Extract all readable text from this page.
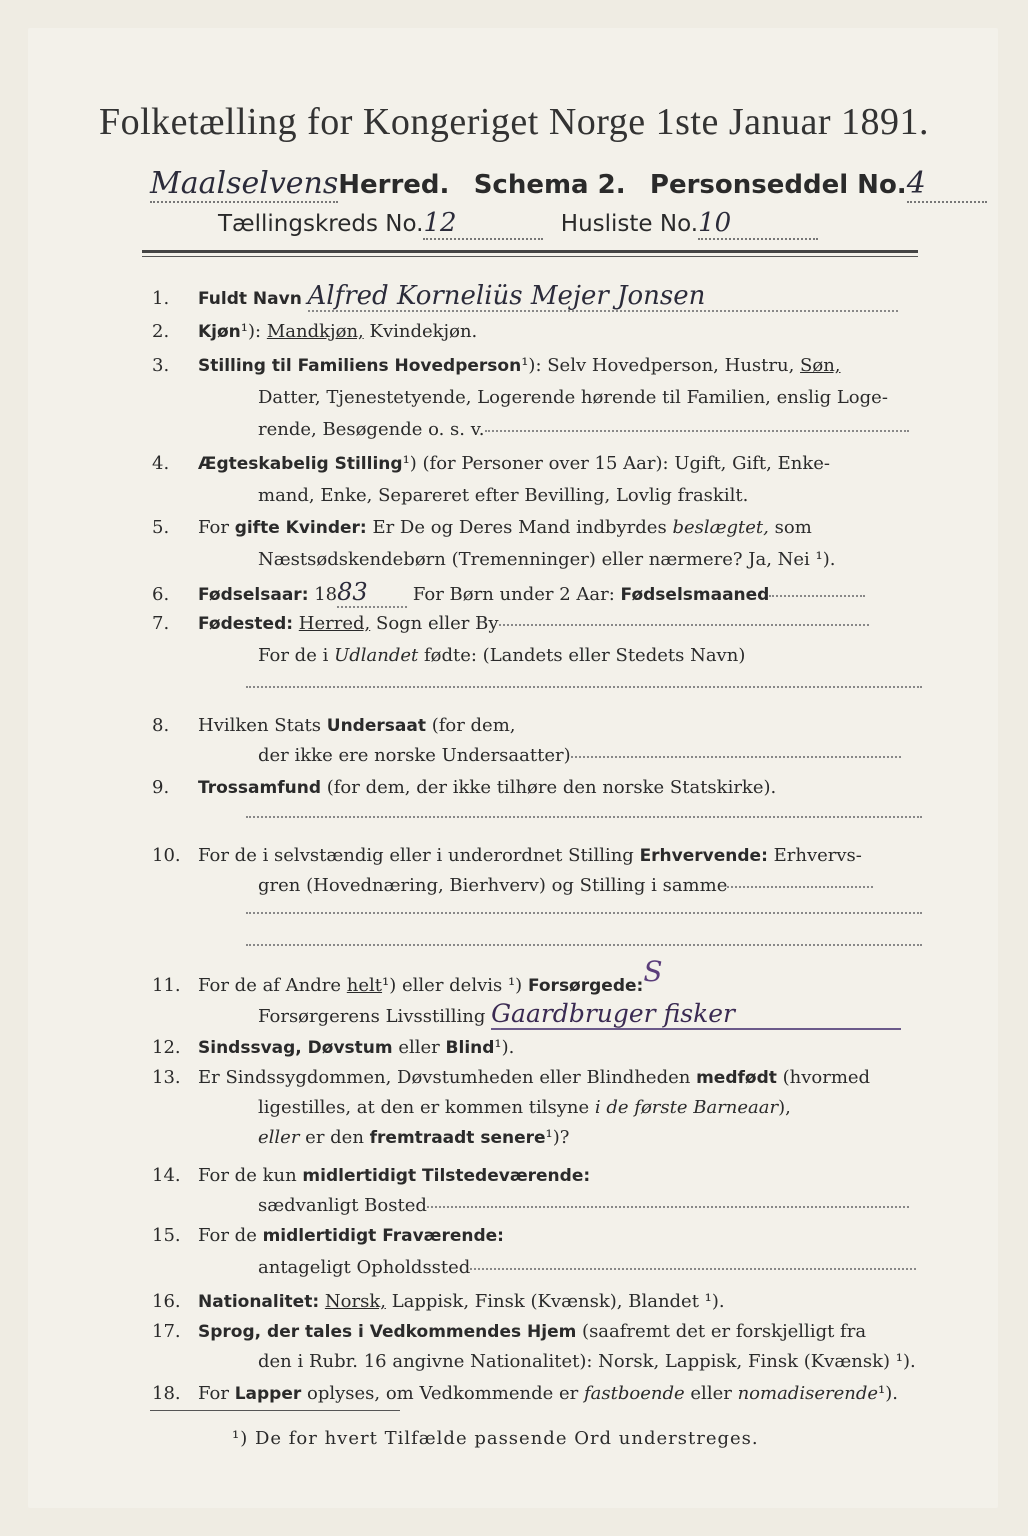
Folketælling for Kongeriget Norge 1ste Januar 1891.
MaalselvensHerred. Schema 2. Personseddel No.4
Tællingskreds No.12	Husliste No.10
1. Fuldt Navn Alfred Korneliüs Mejer Jonsen
2. Kjøn¹): Mandkjøn, Kvindekjøn.
3. Stilling til Familiens Hovedperson¹): Selv Hovedperson, Hustru, Søn,
Datter, Tjenestetyende, Logerende hørende til Familien, enslig Loge-
rende, Besøgende o. s. v.
4. Ægteskabelig Stilling¹) (for Personer over 15 Aar): Ugift, Gift, Enke-
mand, Enke, Separeret efter Bevilling, Lovlig fraskilt.
5. For gifte Kvinder: Er De og Deres Mand indbyrdes beslægtet, som
Næstsødskendebørn (Tremenninger) eller nærmere? Ja, Nei ¹).
6. Fødselsaar: 1883	For Børn under 2 Aar: Fødselsmaaned
7. Fødested: Herred, Sogn eller By
For de i Udlandet fødte: (Landets eller Stedets Navn)
8. Hvilken Stats Undersaat (for dem,
der ikke ere norske Undersaatter)
9. Trossamfund (for dem, der ikke tilhøre den norske Statskirke).
10. For de i selvstændig eller i underordnet Stilling Erhvervende: Erhvervs-
gren (Hovednæring, Bierhverv) og Stilling i samme
11. For de af Andre helt¹) eller delvis ¹) Forsørgede:S
Forsørgerens Livsstilling Gaardbruger fisker
12. Sindssvag, Døvstum eller Blind¹).
13. Er Sindssygdommen, Døvstumheden eller Blindheden medfødt (hvormed
ligestilles, at den er kommen tilsyne i de første Barneaar),
eller er den fremtraadt senere¹)?
14. For de kun midlertidigt Tilstedeværende:
sædvanligt Bosted
15. For de midlertidigt Fraværende:
antageligt Opholdssted
16. Nationalitet: Norsk, Lappisk, Finsk (Kvænsk), Blandet ¹).
17. Sprog, der tales i Vedkommendes Hjem (saafremt det er forskjelligt fra
den i Rubr. 16 angivne Nationalitet): Norsk, Lappisk, Finsk (Kvænsk) ¹).
18. For Lapper oplyses, om Vedkommende er fastboende eller nomadiserende¹).
¹) De for hvert Tilfælde passende Ord understreges.
